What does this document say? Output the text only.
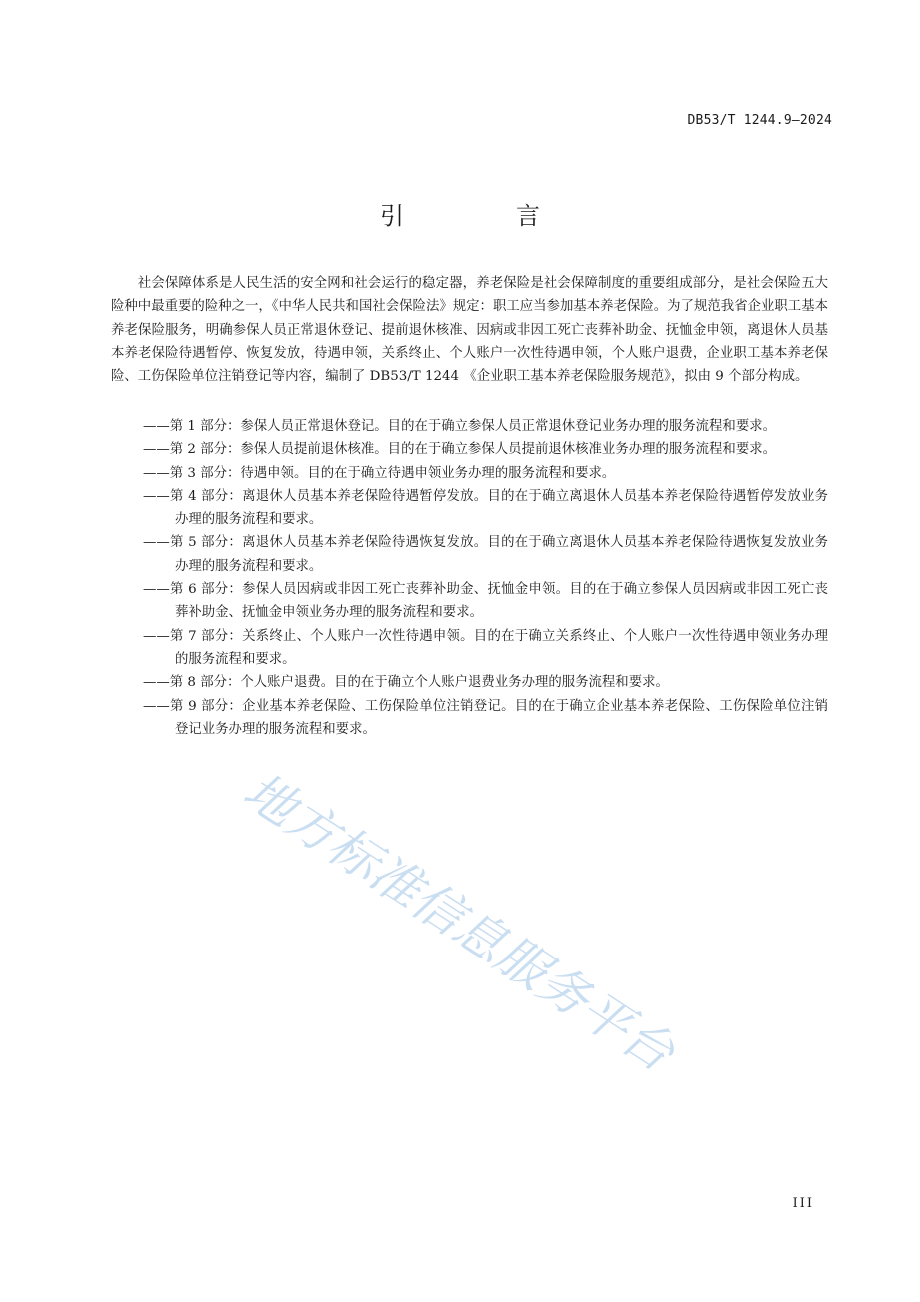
DB53/T 1244.9—2024
引　言

社会保障体系是人民生活的安全网和社会运行的稳定器，养老保险是社会保障制度的重要组成部分，是社会保险五大险种中最重要的险种之一，《中华人民共和国社会保险法》规定：职工应当参加基本养老保险。为了规范我省企业职工基本养老保险服务，明确参保人员正常退休登记、提前退休核准、因病或非因工死亡丧葬补助金、抚恤金申领，离退休人员基本养老保险待遇暂停、恢复发放，待遇申领，关系终止、个人账户一次性待遇申领，个人账户退费，企业职工基本养老保险、工伤保险单位注销登记等内容，编制了 DB53/T 1244 《企业职工基本养老保险服务规范》，拟由 9 个部分构成。

——第 1 部分：参保人员正常退休登记。目的在于确立参保人员正常退休登记业务办理的服务流程和要求。
——第 2 部分：参保人员提前退休核准。目的在于确立参保人员提前退休核准业务办理的服务流程和要求。
——第 3 部分：待遇申领。目的在于确立待遇申领业务办理的服务流程和要求。
——第 4 部分：离退休人员基本养老保险待遇暂停发放。目的在于确立离退休人员基本养老保险待遇暂停发放业务办理的服务流程和要求。
——第 5 部分：离退休人员基本养老保险待遇恢复发放。目的在于确立离退休人员基本养老保险待遇恢复发放业务办理的服务流程和要求。
——第 6 部分：参保人员因病或非因工死亡丧葬补助金、抚恤金申领。目的在于确立参保人员因病或非因工死亡丧葬补助金、抚恤金申领业务办理的服务流程和要求。
——第 7 部分：关系终止、个人账户一次性待遇申领。目的在于确立关系终止、个人账户一次性待遇申领业务办理的服务流程和要求。
——第 8 部分：个人账户退费。目的在于确立个人账户退费业务办理的服务流程和要求。
——第 9 部分：企业基本养老保险、工伤保险单位注销登记。目的在于确立企业基本养老保险、工伤保险单位注销登记业务办理的服务流程和要求。
地方标准信息服务平台
III
